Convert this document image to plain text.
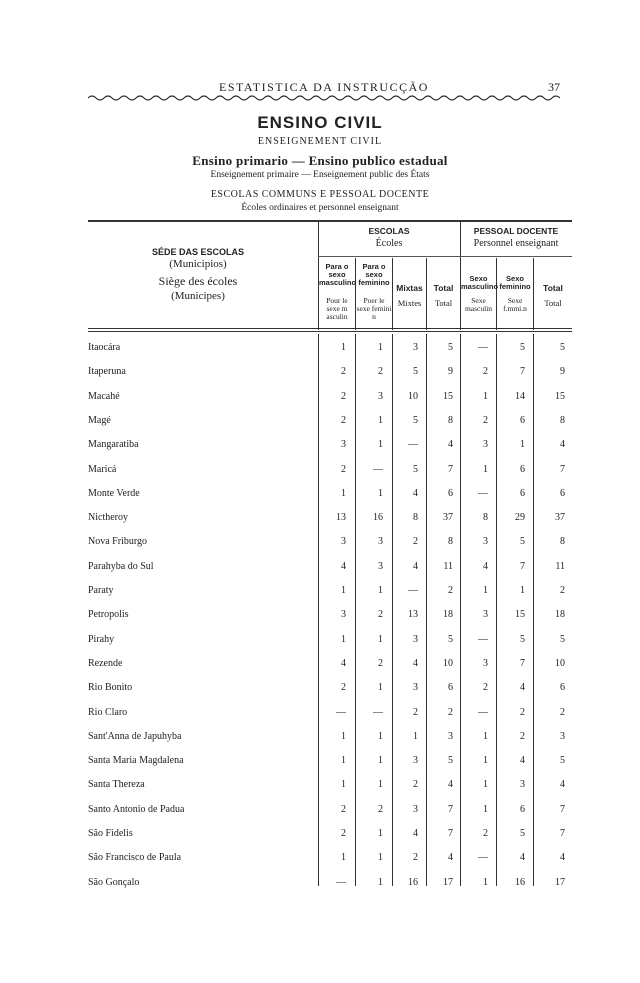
ESTATISTICA DA INSTRUCÇÃO	37
ENSINO CIVIL
ENSEIGNEMENT CIVIL
Ensino primario — Ensino publico estadual
Enseignement primaire — Enseignement public des États
ESCOLAS COMMUNS E PESSOAL DOCENTE
Écoles ordinaires et personnel enseignant
SÉDE DAS ESCOLAS
(Municipios)
Siège des écoles
(Municipes)
ESCOLAS
Écoles
PESSOAL DOCENTE
Personnel enseignant
Para o sexo masculino
Pour le sexe m asculin
Para o sexo feminino
Poer le sexe femini n
Mixtas
Mixtes
Total
Total
Sexo masculino
Sexe masculin
Sexo feminino
Sexe f.mmi.n
Total
Total
Itaocára	1	1	3	5	—	5	5
Itaperuna	2	2	5	9	2	7	9
Macahé	2	3	10	15	1	14	15
Magé	2	1	5	8	2	6	8
Mangaratiba	3	1	—	4	3	1	4
Maricá	2	—	5	7	1	6	7
Monte Verde	1	1	4	6	—	6	6
Nictheroy	13	16	8	37	8	29	37
Nova Friburgo	3	3	2	8	3	5	8
Parahyba do Sul	4	3	4	11	4	7	11
Paraty	1	1	—	2	1	1	2
Petropolis	3	2	13	18	3	15	18
Pirahy	1	1	3	5	—	5	5
Rezende	4	2	4	10	3	7	10
Rio Bonito	2	1	3	6	2	4	6
Rio Claro	—	—	2	2	—	2	2
Sant'Anna de Japuhyba	1	1	1	3	1	2	3
Santa Maria Magdalena	1	1	3	5	1	4	5
Santa Thereza	1	1	2	4	1	3	4
Santo Antonio de Padua	2	2	3	7	1	6	7
São Fidelis	2	1	4	7	2	5	7
São Francisco de Paula	1	1	2	4	—	4	4
São Gonçalo	—	1	16	17	1	16	17
